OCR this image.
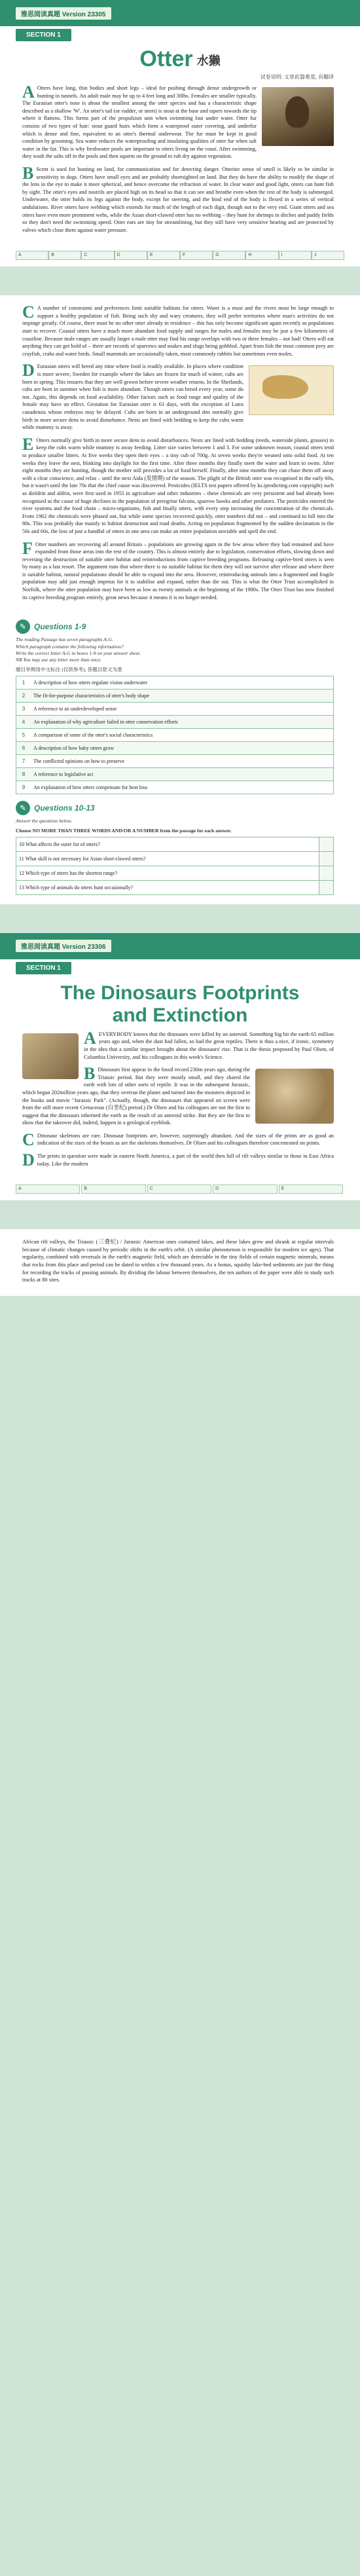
雅思阅读真题 Version 23305
SECTION 1
Otter 水獭
试卷说明: 文章此篇难度, 有翻译
A Otters have long, thin bodies and short legs – ideal for pushing through dense undergrowth or hunting in tunnels. An adult male may be up to 4 feet long and 30lbs. Females are smaller typically. The Eurasian otter's nose is about the smallest among the otter species and has a characteristic shape described as a shallow 'W'. An otter's tail (or rudder, or stern) is stout at the base and tapers towards the tip where it flattens. This forms part of the propulsion unit when swimming fast under water. Otter fur consists of two types of hair: stout guard hairs which form a waterproof outer covering, and underfur which is dense and fine, equivalent to an otter's thermal underwear. The fur must be kept in good condition by grooming. Sea water reduces the waterproofing and insulating qualities of otter fur when salt water in the fur. This is why freshwater pools are important to otters living on the coast. After swimming, they wash the salts off in the pools and then squirm on the ground to rub dry against vegetation.
B Scent is used for hunting on land, for communication and for detecting danger. Otterine sense of smell is likely to be similar in sensitivity to dogs. Otters have small eyes and are probably shortsighted on land. But they do have the ability to modify the shape of the lens in the eye to make it more spherical, and hence overcome the refraction of water. In clear water and good light, otters can hunt fish by sight. The otter's eyes and nostrils are placed high on its head so that it can see and breathe even when the rest of the body is submerged. Underwater, the otter holds its legs against the body, except for steering, and the hind end of the body is flexed in a series of vertical undulations. River otters have webbing which extends for much of the length of each digit, though not to the very end. Giant otters and sea otters have even more prominent webs, while the Asian short-clawed otter has no webbing – they hunt for shrimps in ditches and paddy fields so they don't need the swimming speed. Otter ears are tiny for streamlining, but they still have very sensitive hearing and are protected by valves which close them against water pressure.
A	B	C	D	E	F	G	H	I	J
C A number of constraints and preferences limit suitable habitats for otters. Water is a must and the rivers must be large enough to support a healthy population of fish. Being such shy and wary creatures, they will prefer territories where man's activities do not impinge greatly. Of course, there must be no other otter already in residence – this has only become significant again recently as populations start to recover. Coastal otters have a much more abundant food supply and ranges for males and females may be just a few kilometres of coastline. Because male ranges are usually larger a male otter may find his range overlaps with two or three females – not bad! Otters will eat anything they can get hold of – there are records of sparrows and snakes and slugs being gobbled. Apart from fish the most common prey are crayfish, crabs and water birds. Small mammals are occasionally taken, most commonly rabbits but sometimes even moles.
D Eurasian otters will breed any time where food is readily available. In places where condition is more severe, Sweden for example where the lakes are frozen for much of winter, cubs are born in spring. This ensures that they are well grown before severe weather returns. In the Shetlands, cubs are born in summer when fish is more abundant. Though otters can breed every year, some do not. Again, this depends on food availability. Other factors such as food range and quality of the female may have an effect. Gestation for Eurasian otter is 63 days, with the exception of Lutra canadensis whose embryos may be delayed. Cubs are born in an underground den normally give birth in more secure dens to avoid disturbance. Nests are lined with bedding to keep the cubs warm while mummy is away.
E Otters normally give birth in more secure dens to avoid disturbances. Nests are lined with bedding (reeds, waterside plants, grasses) to keep the cubs warm while mummy is away feeding. Litter size varies between 1 and 3. For some unknown reason, coastal otters tend to produce smaller litters. At five weeks they open their eyes – a tiny cub of 700g. At seven weeks they're weaned onto solid food. At ten weeks they leave the nest, blinking into daylight for the first time. After three months they finally meet the water and learn to swim. After eight months they are hunting, though the mother still provides a lot of food herself. Finally, after nine months they can chase them off away with a clear conscience, and relax – until the next Aida (发情期) of the season. The plight of the British otter was recognised in the early 60s, but it wasn't until the late 70s that the chief cause was discovered. Pesticides (IELTS test papers offered by ks.ipredicting.com copyright) such as dieldrin and aldrin, were first used in 1955 in agriculture and other industries – these chemicals are very persistent and had already been recognised as the cause of huge declines in the population of peregrine falcons, sparrow hawks and other predators. The pesticides entered the river systems and the food chain – micro-organisms, fish and finally otters, with every step increasing the concentration of the chemicals. From 1962 the chemicals were phased out, but while some species recovered quickly, otter numbers did not – and continued to fall into the 80s. This was probably due mainly to habitat destruction and road deaths. Acting on population fragmented by the sudden decimation in the 50s and 60s, the loss of just a handful of otters in one area can make an entire population unviable and spell the end.
F Otter numbers are recovering all around Britain – populations are growing again in the few areas where they had remained and have expanded from those areas into the rest of the country. This is almost entirely due to legislation, conservation efforts, slowing down and reversing the destruction of suitable otter habitat and reintroductions from captive breeding programs. Releasing captive-bred otters is seen by many as a last resort. The argument runs that where there is no suitable habitat for them they will not survive after release and where there is suitable habitat, natural populations should be able to expand into the area. However, reintroducing animals into a fragmented and fragile population may add just enough impetus for it to stabilise and expand, rather than die out. This is what the Otter Trust accomplished in Norfolk, where the otter population may have been as low as twenty animals at the beginning of the 1980s. The Otter Trust has now finished its captive breeding program entirely, great news because it means it is no longer needed.
✎ Questions 1-9
The reading Passage has seven paragraphs A-G.
Which paragraph contains the following information?
Write the correct letter A-G in boxes 1-9 on your answer sheet.
NB You may use any letter more than once.
题目举例用中文标注 (仅供参考), 答题以原文为准
1	A description of how otters regulate vision underwater
2	The fit-for-purpose characteristics of otter's body shape
3	A reference to an underdeveloped sense
4	An explanation of why agriculture failed in otter conservation efforts
5	A comparison of some of the otter's social characteristics
6	A description of how baby otters grow
7	The conflicted opinions on how to preserve
8	A reference to legislative act
9	An explanation of how otters compensate for heat loss
✎ Questions 10-13
Answer the questions below.
Choose NO MORE THAN THREE WORDS AND/OR A NUMBER from the passage for each answer.
10 What affects the outer fur of otters?
11 What skill is not necessary for Asian short-clawed otters?
12 Which type of otters has the shortest range?
13 Which type of animals do otters hunt occasionally?
雅思阅读真题 Version 23306
SECTION 1
The Dinosaurs Footprints
and Extinction
A EVERYBODY knows that the dinosaurs were killed by an asteroid. Something big hit the earth 65 million years ago and, when the dust had fallen, so had the great reptiles. There is thus a nice, if ironic, symmetry in the idea that a similar impact brought about the dinosaurs' rise. That is the thesis proposed by Paul Olsen, of Columbia University, and his colleagues in this week's Science.
B Dinosaurs first appear in the fossil record 230m years ago, during the Triassic period. But they were mostly small, and they shared the earth with lots of other sorts of reptile. It was in the subsequent Jurassic, which began 202million years ago, that they overran the planet and turned into the monsters depicted in the books and movie "Jurassic Park". (Actually, though, the dinosaurs that appeared on screen were from the still more recent Cretaceous (白垩纪) period.) Dr Olsen and his colleagues are not the first to suggest that the dinosaurs inherited the earth as the result of an asteroid strike. But they are the first to show that the takeover did, indeed, happen in a geological eyeblink.
C Dinosaur skeletons are rare. Dinosaur footprints are, however, surprisingly abundant. And the sizes of the prints are as good an indication of the sizes of the beasts as are the skeletons themselves. Dr Olsen and his colleagues therefore concentrated on prints.
D The prints in question were made in eastern North America, a part of the world then full of rift valleys similar to those in East Africa today. Like the modern
A	B	C	D	E
African rift valleys, the Triassic (三叠纪) / Jurassic American ones contained lakes, and these lakes grew and shrank at regular intervals because of climatic changes caused by periodic shifts in the earth's orbit. (A similar phenomenon is responsible for modern ice ages). That regularity, combined with reversals in the earth's magnetic field, which are detectable in the tiny fields of certain magnetic minerals, means that rocks from this place and period can be dated to within a few thousand years. As a bonus, squishy lake-bed sediments are just the thing for recording the tracks of passing animals. By dividing the labour between themselves, the ten authors of the paper were able to study such tracks at 80 sites.
